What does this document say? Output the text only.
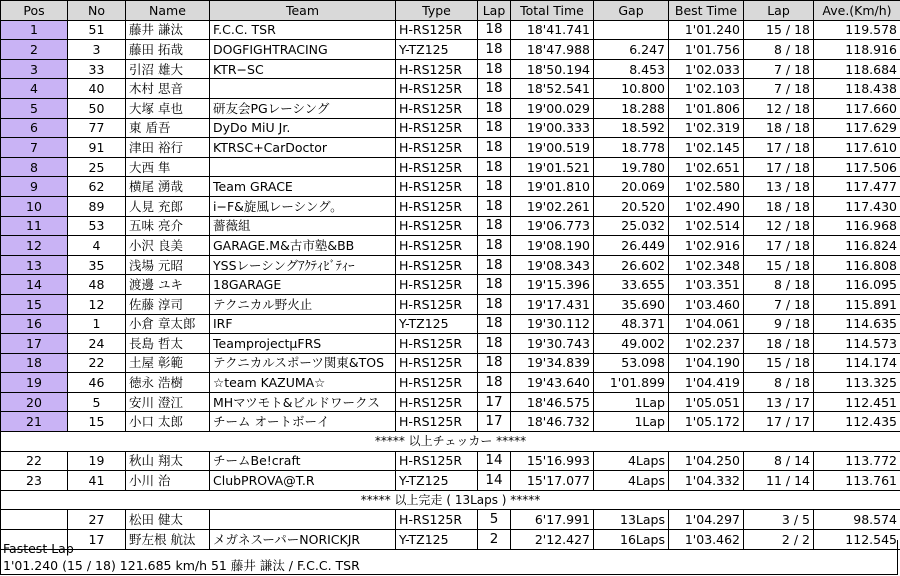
Pos	No	Name	Team	Type	Lap	Total Time	Gap	Best Time	Lap	Ave.(Km/h)
1	51	藤井 謙汰	F.C.C. TSR	H-RS125R	18	18'41.741		1'01.240	15 / 18	119.578
2	3	藤田 拓哉	DOGFIGHTRACING	Y-TZ125	18	18'47.988	6.247	1'01.756	8 / 18	118.916
3	33	引沼 雄大	KTR−SC	H-RS125R	18	18'50.194	8.453	1'02.033	7 / 18	118.684
4	40	木村 思音		H-RS125R	18	18'52.541	10.800	1'02.103	7 / 18	118.438
5	50	大塚 卓也	研友会PGレーシング	H-RS125R	18	19'00.029	18.288	1'01.806	12 / 18	117.660
6	77	東 盾吾	DyDo MiU Jr.	H-RS125R	18	19'00.333	18.592	1'02.319	18 / 18	117.629
7	91	津田 裕行	KTRSC+CarDoctor	H-RS125R	18	19'00.519	18.778	1'02.145	17 / 18	117.610
8	25	大西 隼		H-RS125R	18	19'01.521	19.780	1'02.651	17 / 18	117.506
9	62	横尾 湧哉	Team GRACE	H-RS125R	18	19'01.810	20.069	1'02.580	13 / 18	117.477
10	89	人見 充郎	i−F&旋風レーシング。	H-RS125R	18	19'02.261	20.520	1'02.490	18 / 18	117.430
11	53	五味 亮介	薔薇組	H-RS125R	18	19'06.773	25.032	1'02.514	12 / 18	116.968
12	4	小沢 良美	GARAGE.M&古市塾&BB	H-RS125R	18	19'08.190	26.449	1'02.916	17 / 18	116.824
13	35	浅場 元昭	YSSレーシングｱｸﾃｨﾋﾞﾃｨｰ	H-RS125R	18	19'08.343	26.602	1'02.348	15 / 18	116.808
14	48	渡邊 ユキ	18GARAGE	H-RS125R	18	19'15.396	33.655	1'03.351	8 / 18	116.095
15	12	佐藤 淳司	テクニカル野火止	H-RS125R	18	19'17.431	35.690	1'03.460	7 / 18	115.891
16	1	小倉 章太郎	IRF	Y-TZ125	18	19'30.112	48.371	1'04.061	9 / 18	114.635
17	24	長島 哲太	TeamprojectμFRS	H-RS125R	18	19'30.743	49.002	1'02.237	18 / 18	114.573
18	22	土屋 彰範	テクニカルスポーツ関東&TOS	H-RS125R	18	19'34.839	53.098	1'04.190	15 / 18	114.174
19	46	徳永 浩樹	☆team KAZUMA☆	H-RS125R	18	19'43.640	1'01.899	1'04.419	8 / 18	113.325
20	5	安川 澄江	MHマツモト&ビルドワークス	H-RS125R	17	18'46.575	1Lap	1'05.051	13 / 17	112.451
21	15	小口 太郎	チーム オートボーイ	H-RS125R	17	18'46.732	1Lap	1'05.172	17 / 17	112.435
***** 以上チェッカー *****										
22	19	秋山 翔太	チームBe!craft	H-RS125R	14	15'16.993	4Laps	1'04.250	8 / 14	113.772
23	41	小川 治	ClubPROVA@T.R	Y-TZ125	14	15'17.077	4Laps	1'04.332	11 / 14	113.761
***** 以上完走 ( 13Laps ) *****										
	27	松田 健太		H-RS125R	5	6'17.991	13Laps	1'04.297	3 / 5	98.574
	17	野左根 航汰	メガネスーパーNORICKJR	Y-TZ125	2	2'12.427	16Laps	1'03.462	2 / 2	112.545
Fastest Lap
1'01.240 (15 / 18) 121.685 km/h 51 藤井 謙汰 / F.C.C. TSR
